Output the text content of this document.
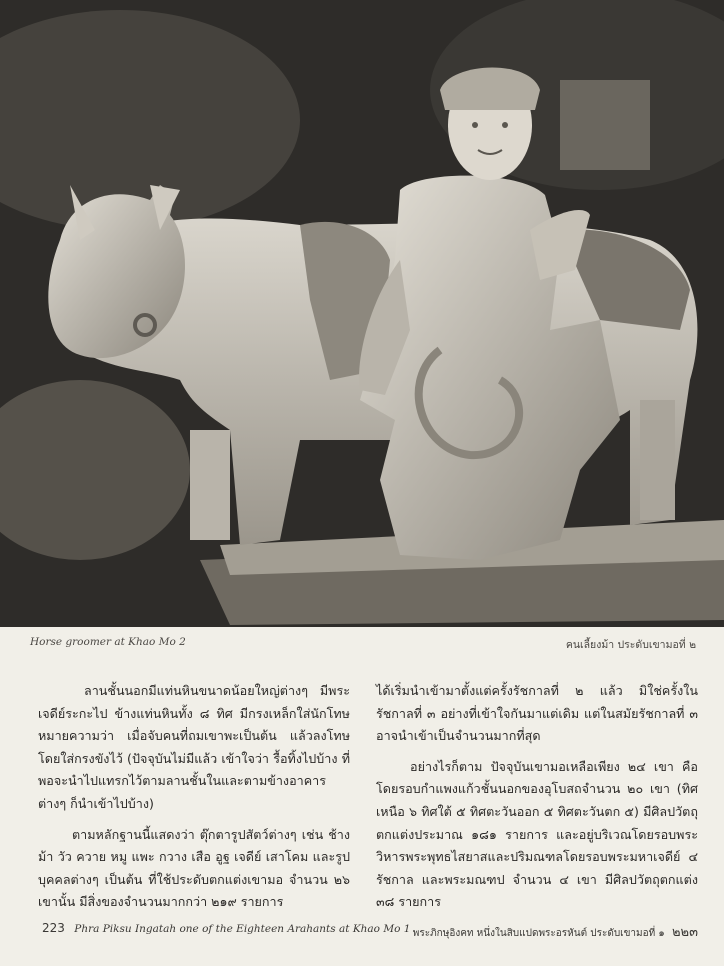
Horse groomer at Khao Mo 2	คนเลี้ยงม้า ประดับเขามอที่ ๒

ลานชั้นนอกมีแท่นหินขนาดน้อยใหญ่ต่างๆ มีพระเจดีย์ระกะไป ข้างแท่นหินทั้ง ๘ ทิศ มีกรงเหล็กใส่นักโทษ หมายความว่า เมื่อจับคนที่ถมเขาพะเป็นต้น แล้วลงโทษโดยใส่กรงขังไว้ (ปัจจุบันไม่มีแล้ว เข้าใจว่า รื้อทิ้งไปบ้าง ที่พอจะนำไปแทรกไว้ตามลานชั้นในและตามข้างอาคารต่างๆ ก็นำเข้าไปบ้าง)

ตามหลักฐานนี้แสดงว่า ตุ๊กตารูปสัตว์ต่างๆ เช่น ช้าง ม้า วัว ควาย หมู แพะ กวาง เสือ อูฐ เจดีย์ เสาโคม และรูปบุคคลต่างๆ เป็นต้น ที่ใช้ประดับตกแต่งเขามอ จำนวน ๒๖ เขานั้น มีสิ่งของจำนวนมากกว่า ๒๑๙ รายการ

ได้เริ่มนำเข้ามาตั้งแต่ครั้งรัชกาลที่ ๒ แล้ว มิใช่ครั้งในรัชกาลที่ ๓ อย่างที่เข้าใจกันมาแต่เดิม แต่ในสมัยรัชกาลที่ ๓ อาจนำเข้าเป็นจำนวนมากที่สุด

อย่างไรก็ตาม ปัจจุบันเขามอเหลือเพียง ๒๔ เขา คือ โดยรอบกำแพงแก้วชั้นนอกของอุโบสถจำนวน ๒๐ เขา (ทิศเหนือ ๖ ทิศใต้ ๕ ทิศตะวันออก ๕ ทิศตะวันตก ๕) มีศิลปวัตถุตกแต่งประมาณ ๑๘๑ รายการ และอยู่บริเวณโดยรอบพระวิหารพระพุทธไสยาสและปริมณฑลโดยรอบพระมหาเจดีย์ ๔ รัชกาล และพระมณฑป จำนวน ๔ เขา มีศิลปวัตถุตกแต่ง ๓๘ รายการ

223 Phra Piksu Ingatah one of the Eighteen Arahants at Khao Mo 1 พระภิกษุอิงคท หนึ่งในสิบแปดพระอรหันต์ ประดับเขามอที่ ๑ ๒๒๓
